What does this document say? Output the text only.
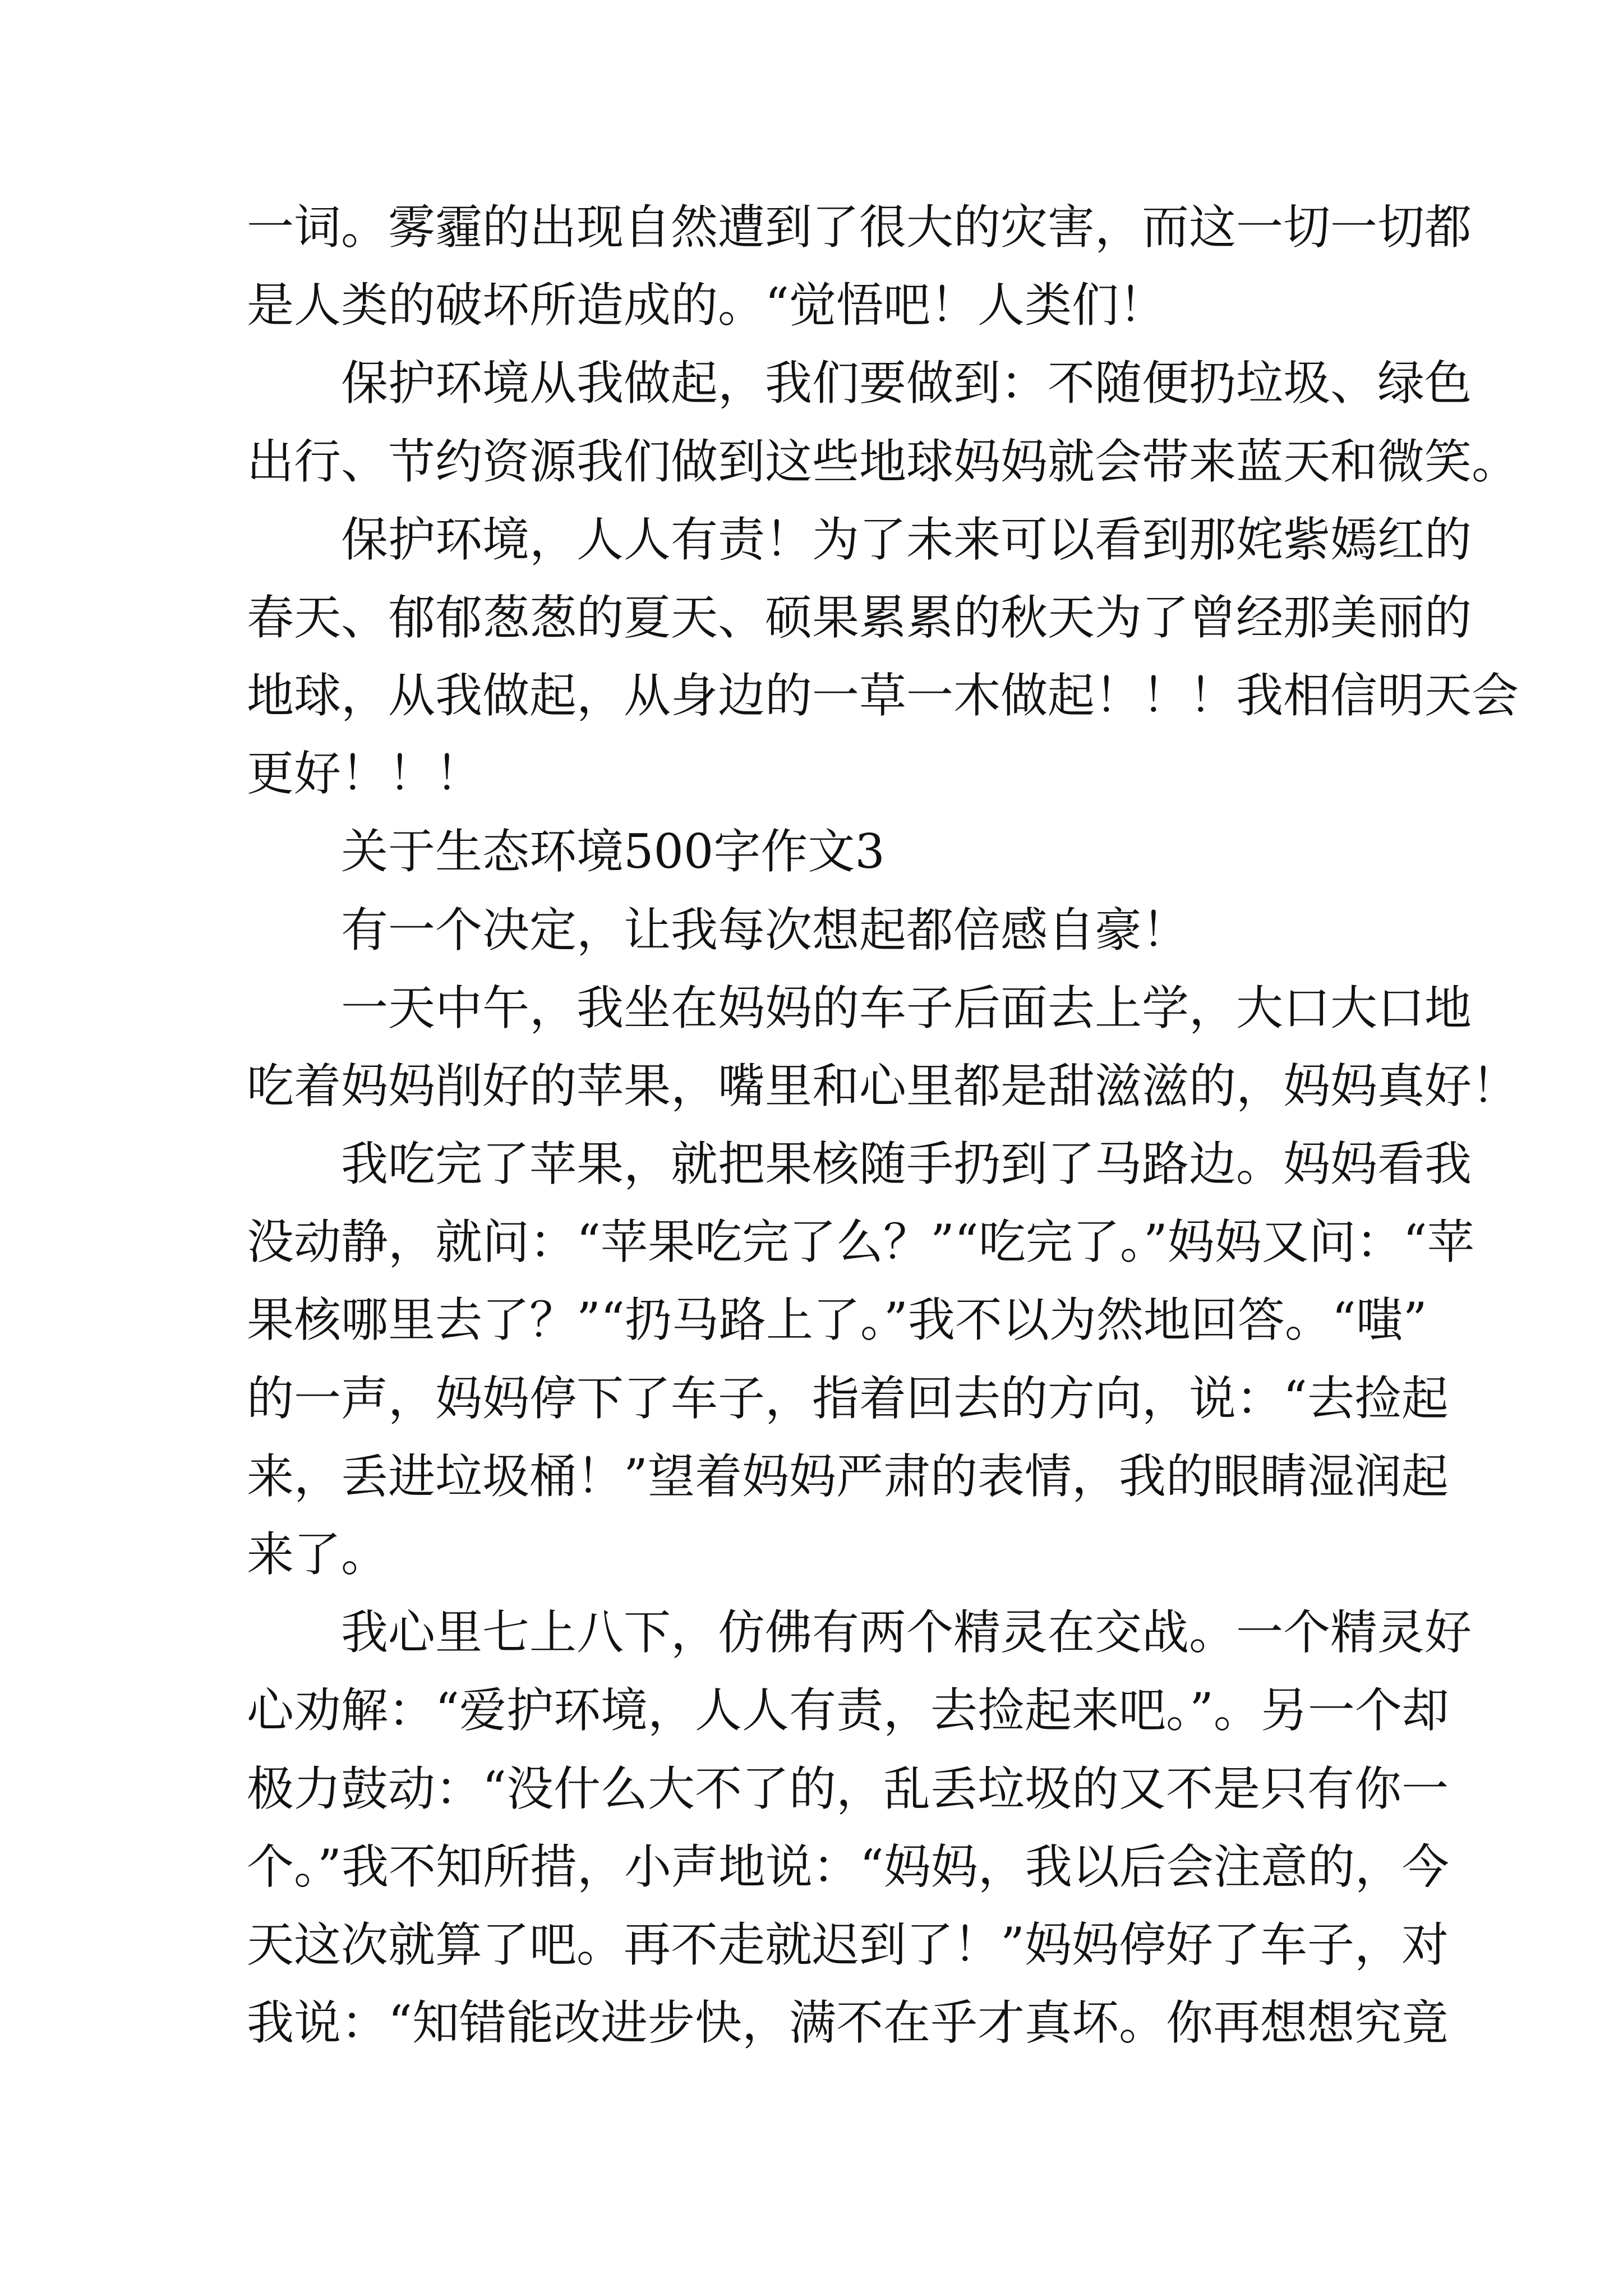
一词。雾霾的出现自然遭到了很大的灾害，而这一切一切都
是人类的破坏所造成的。“觉悟吧！人类们！
保护环境从我做起，我们要做到：不随便扔垃圾、绿色
出行、节约资源我们做到这些地球妈妈就会带来蓝天和微笑。
保护环境，人人有责！为了未来可以看到那姹紫嫣红的
春天、郁郁葱葱的夏天、硕果累累的秋天为了曾经那美丽的
地球，从我做起，从身边的一草一木做起！！！我相信明天会
更好！！！
关于生态环境500字作文3
有一个决定，让我每次想起都倍感自豪！
一天中午，我坐在妈妈的车子后面去上学，大口大口地
吃着妈妈削好的苹果，嘴里和心里都是甜滋滋的，妈妈真好！
我吃完了苹果，就把果核随手扔到了马路边。妈妈看我
没动静，就问：“苹果吃完了么？”“吃完了。”妈妈又问：“苹
果核哪里去了？”“扔马路上了。”我不以为然地回答。“嗤”
的一声，妈妈停下了车子，指着回去的方向，说：“去捡起
来，丢进垃圾桶！”望着妈妈严肃的表情，我的眼睛湿润起
来了。
我心里七上八下，仿佛有两个精灵在交战。一个精灵好
心劝解：“爱护环境，人人有责，去捡起来吧。”。另一个却
极力鼓动：“没什么大不了的，乱丢垃圾的又不是只有你一
个。”我不知所措，小声地说：“妈妈，我以后会注意的，今
天这次就算了吧。再不走就迟到了！”妈妈停好了车子，对
我说：“知错能改进步快，满不在乎才真坏。你再想想究竟
